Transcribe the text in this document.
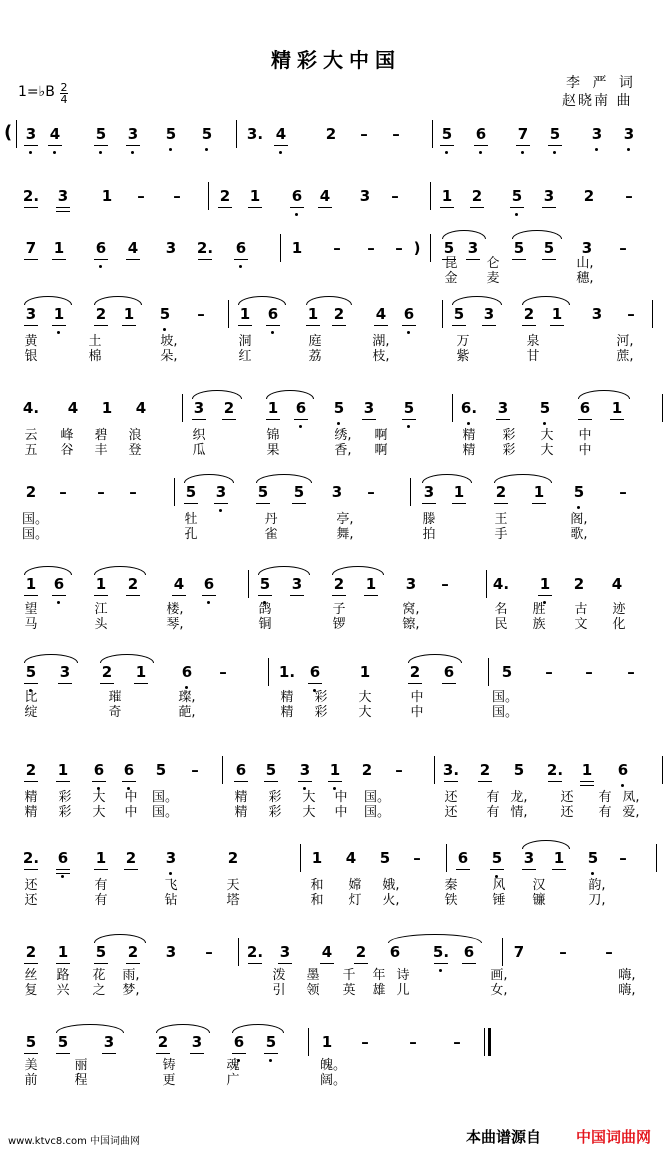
精彩大中国
李 严 词
赵晓南 曲
1=♭B 2
4
( 3 4 5 3 5 5 3. 4	2	–	–	5 6 7 5 3 3
2. 3 1	–	–	2 1 6 4 3	–	1 2 5 3 2	–
7 1 6 4 3 2. 6	1	–	–	– )	5 3 5 5 3	–
昆 仑	山,
金 麦	穗,
3 1 2 1 5	–	1 6 1 2 4 6	5 3 2 1 3	–
黄	土	坡,	洞	庭	湖,	万	泉	河,
银	棉	朵,	红	荔	枝,	紫	甘	蔗,
4. 4 1 4	3 2 1 6 5 3 5	6. 3 5 6 1
云 峰 碧 浪	织	锦	绣, 啊	精 彩 大 中
五 谷 丰 登	瓜	果	香, 啊	精 彩 大 中
2	–	–	–	5 3 5 5 3	–	3 1 2 1 5	–
国。	牡	丹	亭,	滕	王	阁,
国。	孔	雀	舞,	拍	手	歌,
1 6 1 2 4 6	5 3 2 1 3	–	4. 1 2 4
望	江	楼,	鸽	子	窝,	名 胜 古 迹
马	头	琴,	铜	锣	镲,	民 族 文 化
5 3 2 1 6	–	1. 6	1	2 6	5	–	–	–
比	璀	璨,	精 彩 大	中	国。
绽	奇	葩,	精 彩 大	中	国。
2 1 6 6 5	–	6 5 3 1 2	–	3. 2 5 2. 1 6
精 彩 大 中 国。	精 彩 大 中 国。	还 有 龙,	还 有 凤,
精 彩 大 中 国。	精 彩 大 中 国。	还 有 情,	还 有 爱,
2. 6 1 2 3	2	1 4 5	–	6 5 3 1 5	–
还	有	飞	天	和 嫦 娥,	秦	风 汉	韵,
还	有	钻	塔	和 灯 火,	铁	锤 镰	刀,
2 1 5 2 3	–	2. 3 4 2 6 5. 6	7	–	–
丝 路 花 雨,	泼 墨 千 年 诗	画,	嗨,
复 兴 之 梦,	引 领 英 雄 儿	女,	嗨,
5 5 3	2 3 6 5	1	–	–	–
美	丽	铸	魂	魄。
前	程	更	广	阔。
www.ktvc8.com 中国词曲网	本曲谱源自 中国词曲网
